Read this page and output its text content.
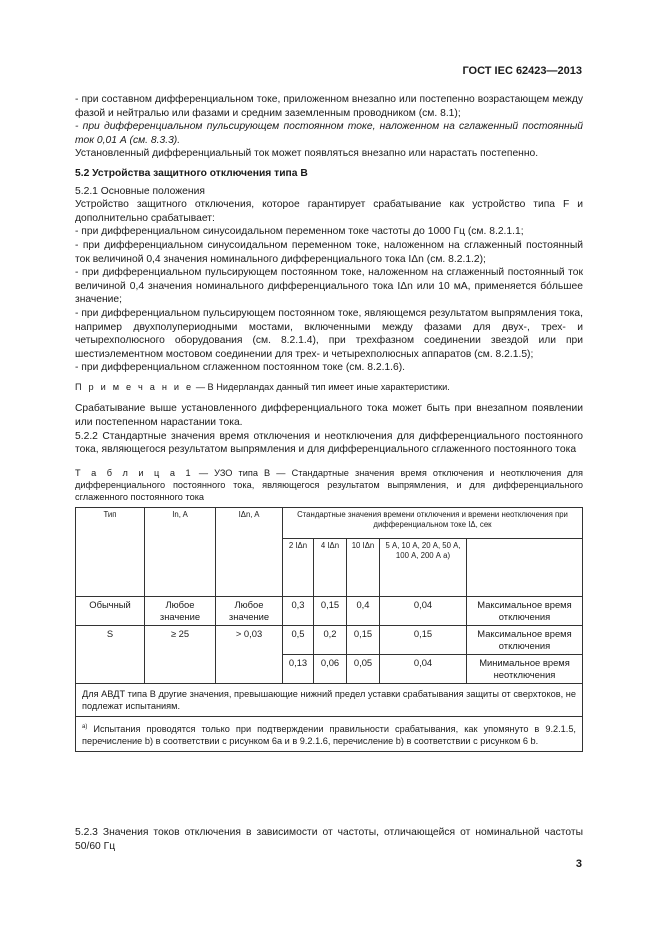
ГОСТ IEC 62423—2013

- при составном дифференциальном токе, приложенном внезапно или постепенно возрастающем между фазой и нейтралью или фазами и средним заземленным проводником (см. 8.1);

- при дифференциальном пульсирующем постоянном токе, наложенном на сглаженный постоянный ток 0,01 А (см. 8.3.3).

Установленный дифференциальный ток может появляться внезапно или нарастать постепенно.

5.2 Устройства защитного отключения типа В

5.2.1 Основные положения

Устройство защитного отключения, которое гарантирует срабатывание как устройство типа F и дополнительно срабатывает:

- при дифференциальном синусоидальном переменном токе частоты до 1000 Гц (см. 8.2.1.1;

- при дифференциальном синусоидальном переменном токе, наложенном на сглаженный постоянный ток величиной 0,4 значения номинального дифференциального тока IΔn (см. 8.2.1.2);

- при дифференциальном пульсирующем постоянном токе, наложенном на сглаженный постоянный ток величиной 0,4 значения номинального дифференциального тока IΔn или 10 мА, применяется бо́льшее значение;

- при дифференциальном пульсирующем постоянном токе, являющемся результатом выпрямления тока, например двухполупериодными мостами, включенными между фазами для двух-, трех- и четырехполюсного оборудования (см. 8.2.1.4), при трехфазном соединении звездой или при шестиэлементном мостовом соединении для трех- и четырехполюсных аппаратов (см. 8.2.1.5);

- при дифференциальном сглаженном постоянном токе (см. 8.2.1.6).

П р и м е ч а н и е — В Нидерландах данный тип имеет иные характеристики.

Срабатывание выше установленного дифференциального тока может быть при внезапном появлении или постепенном нарастании тока.

5.2.2 Стандартные значения время отключения и неотключения для дифференциального постоянного тока, являющегося результатом выпрямления и для дифференциального сглаженного постоянного тока

Т а б л и ц а 1 — УЗО типа В — Стандартные значения время отключения и неотключения для дифференциального постоянного тока, являющегося результатом выпрямления, и для дифференциального сглаженного постоянного тока

Тип	In, A	IΔn, A	Стандартные значения времени отключения и времени неотключения при дифференциальном токе IΔ, сек				
			2 IΔn	4 IΔn	10 IΔn	5 А, 10 А, 20 А, 50 А, 100 А, 200 А a)	
Обычный	Любое значение	Любое значение	0,3	0,15	0,4	0,04	Максимальное время отключения
S	≥ 25	> 0,03	0,5	0,2	0,15	0,15	Максимальное время отключения
			0,13	0,06	0,05	0,04	Минимальное время неотключения
Для АВДТ типа В другие значения, превышающие нижний предел уставки срабатывания защиты от сверхтоков, не подлежат испытаниям.							
$^{а)}$ Испытания проводятся только при подтверждении правильности срабатывания, как упомянуто в 9.2.1.5, перечисление b) в соответствии с рисунком 6а и в 9.2.1.6, перечисление b) в соответствии с рисунком 6 b.							
5.2.3 Значения токов отключения в зависимости от частоты, отличающейся от номинальной частоты 50/60 Гц
3
